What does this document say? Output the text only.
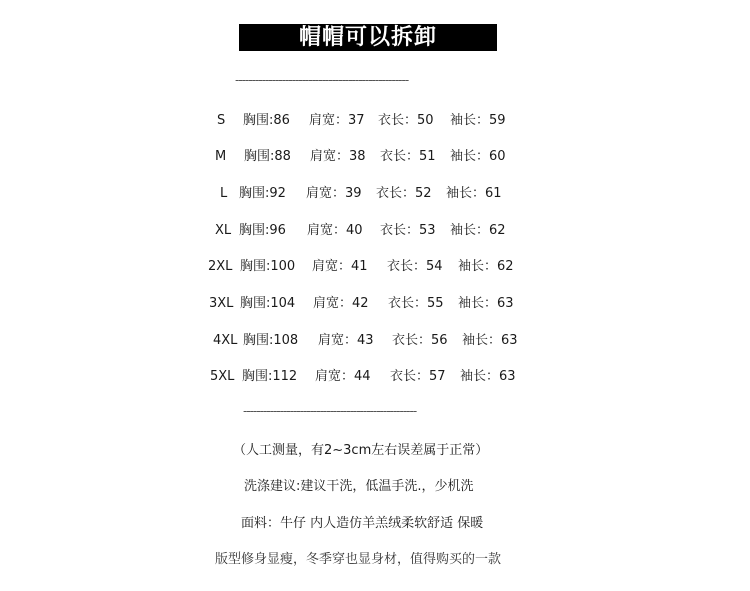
帽帽可以拆卸
----------------------------------------------------
S 胸围:86 肩宽：37 衣长：50 袖长：59
M 胸围:88 肩宽：38 衣长：51 袖长：60
L 胸围:92 肩宽：39 衣长：52 袖长：61
XL 胸围:96 肩宽：40 衣长：53 袖长：62
2XL 胸围:100 肩宽：41 衣长：54 袖长：62
3XL 胸围:104 肩宽：42 衣长：55 袖长：63
4XL 胸围:108 肩宽：43 衣长：56 袖长：63
5XL 胸围:112 肩宽：44 衣长：57 袖长：63
----------------------------------------------------
（人工测量，有2~3cm左右误差属于正常）
洗涤建议:建议干洗，低温手洗.，少机洗
面料：牛仔 内人造仿羊羔绒柔软舒适 保暖
版型修身显瘦，冬季穿也显身材，值得购买的一款
